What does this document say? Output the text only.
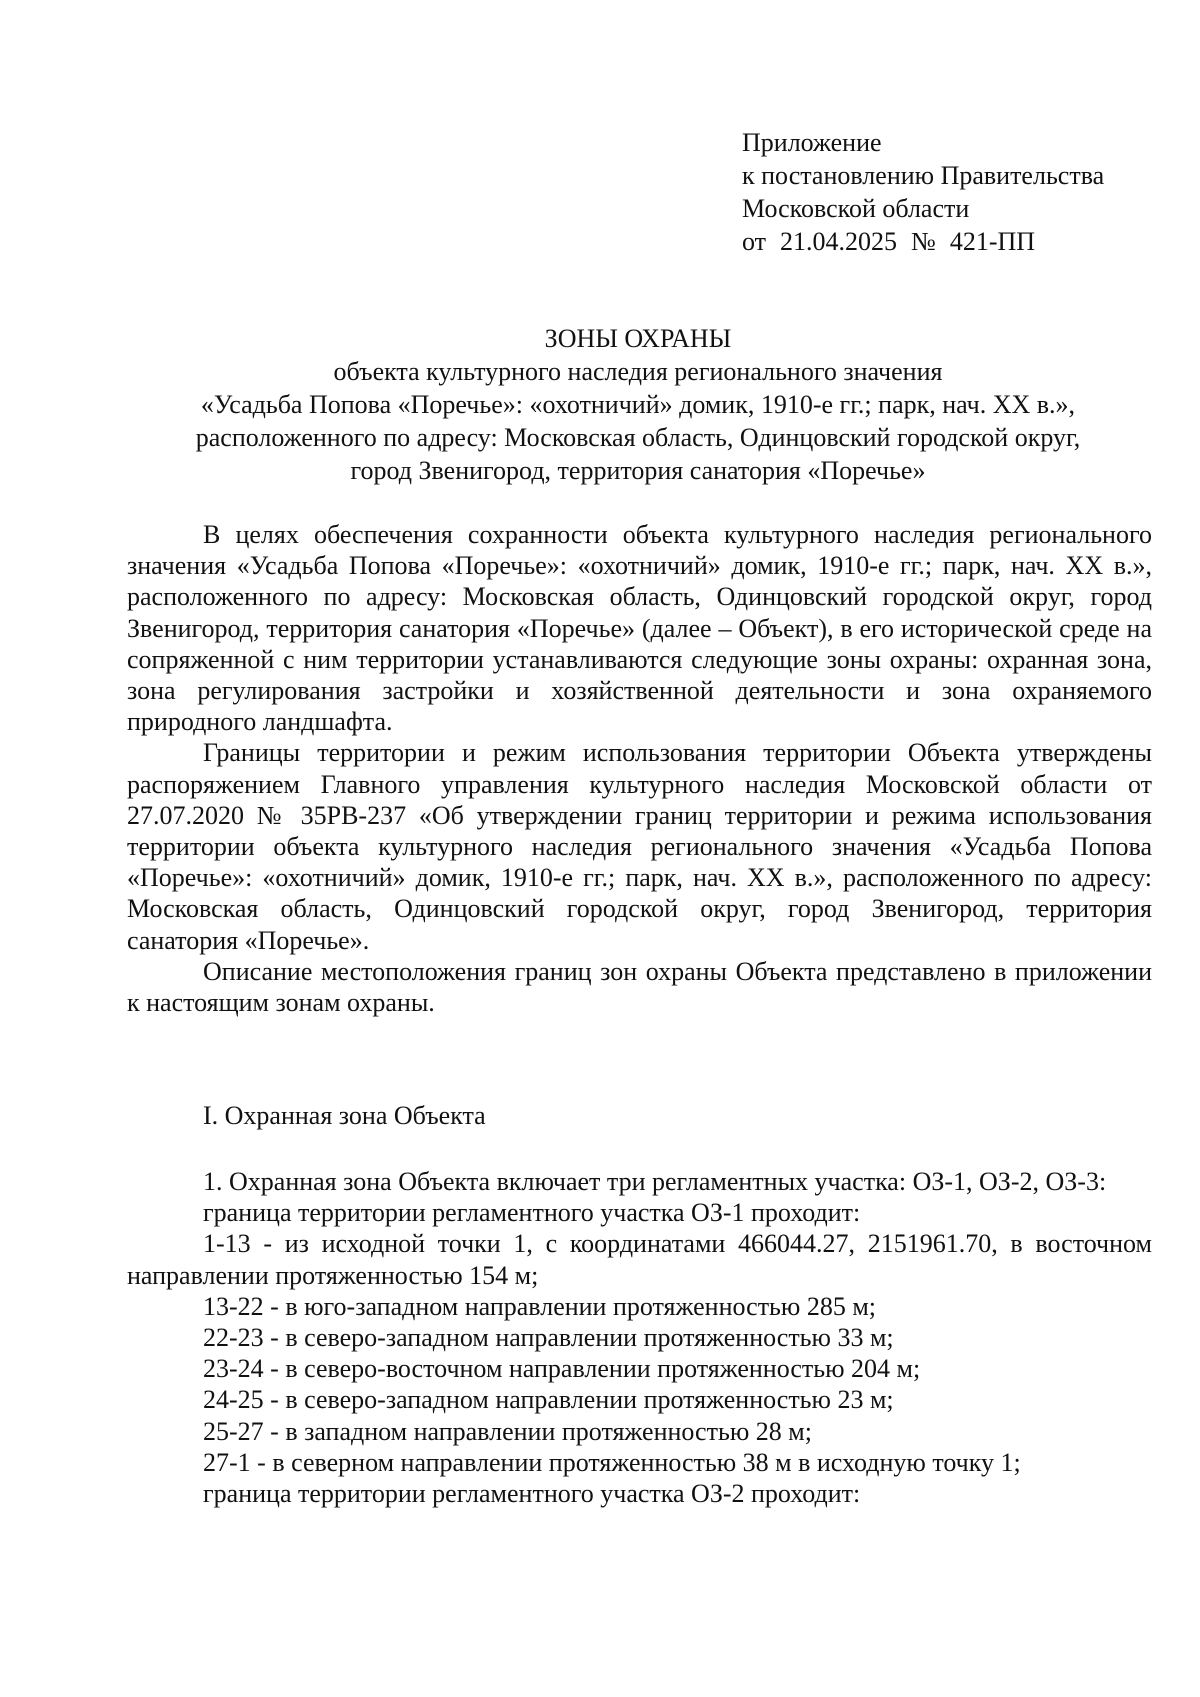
Приложение
к постановлению Правительства
Московской области
от 21.04.2025 № 421-ПП
ЗОНЫ ОХРАНЫ
объекта культурного наследия регионального значения
«Усадьба Попова «Поречье»: «охотничий» домик, 1910-е гг.; парк, нач. XX в.»,
расположенного по адресу: Московская область, Одинцовский городской округ,
город Звенигород, территория санатория «Поречье»

В целях обеспечения сохранности объекта культурного наследия регионального значения «Усадьба Попова «Поречье»: «охотничий» домик, 1910-е гг.; парк, нач. XX в.», расположенного по адресу: Московская область, Одинцовский городской округ, город Звенигород, территория санатория «Поречье» (далее – Объект), в его исторической среде на сопряженной с ним территории устанавливаются следующие зоны охраны: охранная зона, зона регулирования застройки и хозяйственной деятельности и зона охраняемого природного ландшафта.

Границы территории и режим использования территории Объекта утверждены распоряжением Главного управления культурного наследия Московской области от 27.07.2020 № 35РВ-237 «Об утверждении границ территории и режима использования территории объекта культурного наследия регионального значения «Усадьба Попова «Поречье»: «охотничий» домик, 1910-е гг.; парк, нач. XX в.», расположенного по адресу: Московская область, Одинцовский городской округ, город Звенигород, территория санатория «Поречье».

Описание местоположения границ зон охраны Объекта представлено в приложении к настоящим зонам охраны.

I. Охранная зона Объекта

1. Охранная зона Объекта включает три регламентных участка: ОЗ-1, ОЗ-2, ОЗ-3:

граница территории регламентного участка ОЗ-1 проходит:

1-13 - из исходной точки 1, с координатами 466044.27, 2151961.70, в восточном направлении протяженностью 154 м;

13-22 - в юго-западном направлении протяженностью 285 м;

22-23 - в северо-западном направлении протяженностью 33 м;

23-24 - в северо-восточном направлении протяженностью 204 м;

24-25 - в северо-западном направлении протяженностью 23 м;

25-27 - в западном направлении протяженностью 28 м;

27-1 - в северном направлении протяженностью 38 м в исходную точку 1;

граница территории регламентного участка ОЗ-2 проходит:
